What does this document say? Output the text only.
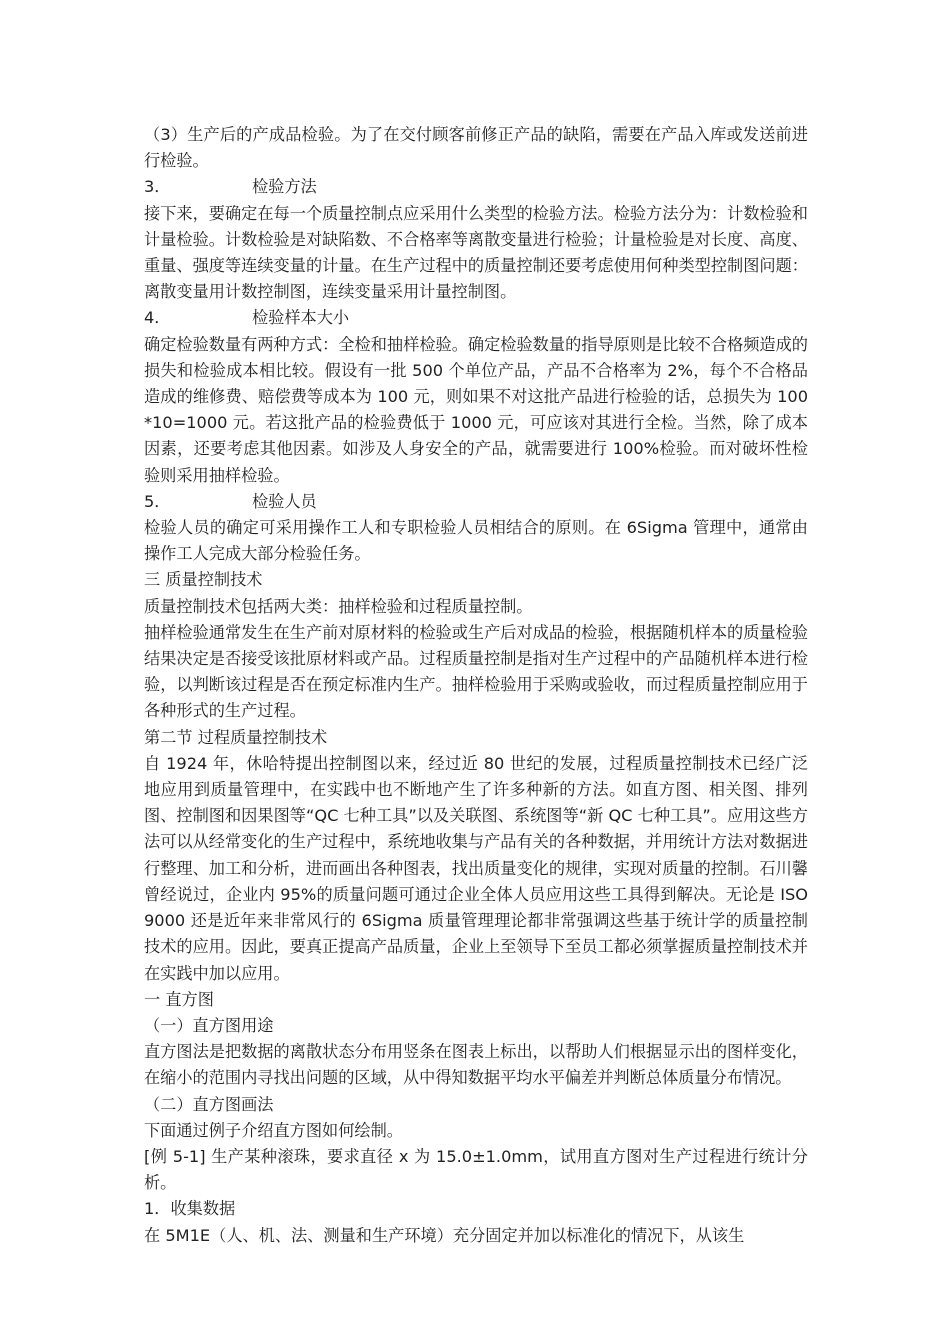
（3）生产后的产成品检验。为了在交付顾客前修正产品的缺陷，需要在产品入库或发送前进行检验。

3．	检验方法

接下来，要确定在每一个质量控制点应采用什么类型的检验方法。检验方法分为：计数检验和计量检验。计数检验是对缺陷数、不合格率等离散变量进行检验；计量检验是对长度、高度、重量、强度等连续变量的计量。在生产过程中的质量控制还要考虑使用何种类型控制图问题：离散变量用计数控制图，连续变量采用计量控制图。

4．	检验样本大小

确定检验数量有两种方式：全检和抽样检验。确定检验数量的指导原则是比较不合格频造成的损失和检验成本相比较。假设有一批 500 个单位产品，产品不合格率为 2%，每个不合格品造成的维修费、赔偿费等成本为 100 元，则如果不对这批产品进行检验的话，总损失为 100*10=1000 元。若这批产品的检验费低于 1000 元，可应该对其进行全检。当然，除了成本因素，还要考虑其他因素。如涉及人身安全的产品，就需要进行 100%检验。而对破坏性检验则采用抽样检验。

5．	检验人员

检验人员的确定可采用操作工人和专职检验人员相结合的原则。在 6Sigma 管理中，通常由操作工人完成大部分检验任务。

三 质量控制技术

质量控制技术包括两大类：抽样检验和过程质量控制。

抽样检验通常发生在生产前对原材料的检验或生产后对成品的检验，根据随机样本的质量检验结果决定是否接受该批原材料或产品。过程质量控制是指对生产过程中的产品随机样本进行检验，以判断该过程是否在预定标准内生产。抽样检验用于采购或验收，而过程质量控制应用于各种形式的生产过程。

第二节 过程质量控制技术

自 1924 年，休哈特提出控制图以来，经过近 80 世纪的发展，过程质量控制技术已经广泛地应用到质量管理中，在实践中也不断地产生了许多种新的方法。如直方图、相关图、排列图、控制图和因果图等“QC 七种工具”以及关联图、系统图等“新 QC 七种工具”。应用这些方法可以从经常变化的生产过程中，系统地收集与产品有关的各种数据，并用统计方法对数据进行整理、加工和分析，进而画出各种图表，找出质量变化的规律，实现对质量的控制。石川馨曾经说过，企业内 95%的质量问题可通过企业全体人员应用这些工具得到解决。无论是 ISO9000 还是近年来非常风行的 6Sigma 质量管理理论都非常强调这些基于统计学的质量控制技术的应用。因此，要真正提高产品质量，企业上至领导下至员工都必须掌握质量控制技术并在实践中加以应用。

一 直方图

（一）直方图用途

直方图法是把数据的离散状态分布用竖条在图表上标出，以帮助人们根据显示出的图样变化，在缩小的范围内寻找出问题的区域，从中得知数据平均水平偏差并判断总体质量分布情况。

（二）直方图画法

下面通过例子介绍直方图如何绘制。

[例 5-1] 生产某种滚珠，要求直径 x 为 15.0±1.0mm，试用直方图对生产过程进行统计分析。

1．收集数据

在 5M1E（人、机、法、测量和生产环境）充分固定并加以标准化的情况下，从该生
